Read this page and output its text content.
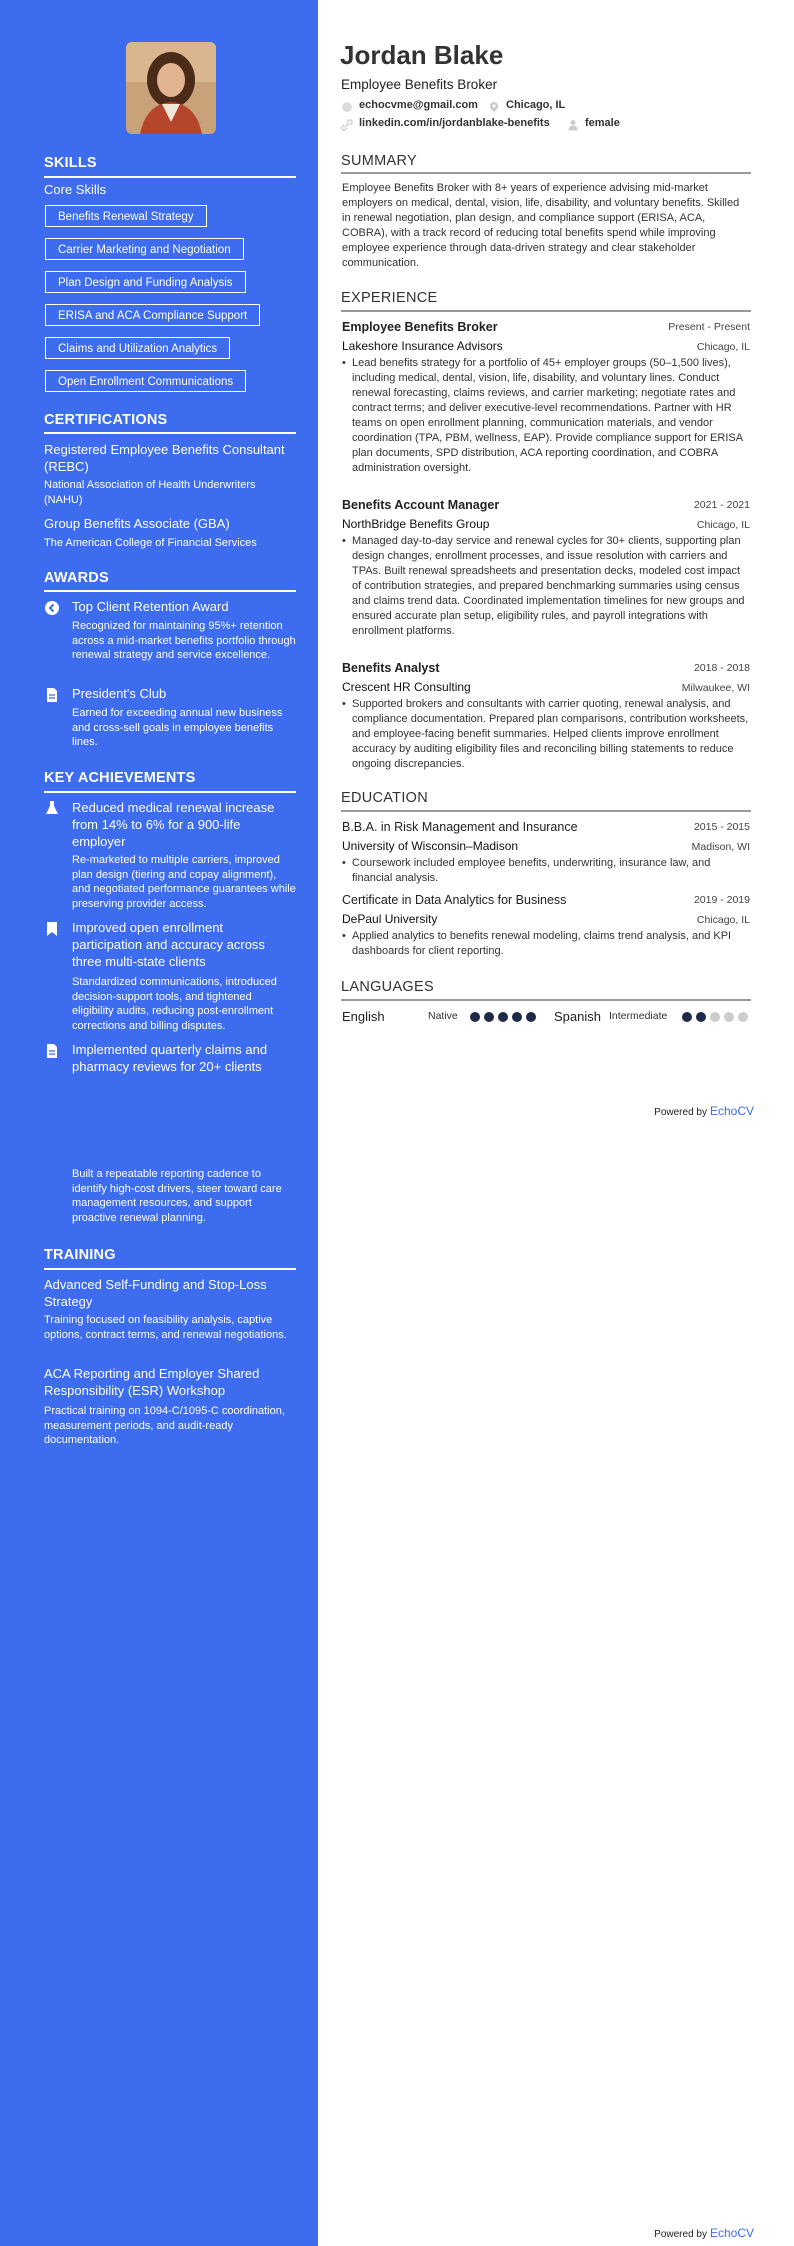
SKILLS
Core Skills
Benefits Renewal Strategy
Carrier Marketing and Negotiation
Plan Design and Funding Analysis
ERISA and ACA Compliance Support
Claims and Utilization Analytics
Open Enrollment Communications
CERTIFICATIONS
Registered Employee Benefits Consultant (REBC)
National Association of Health Underwriters (NAHU)
Group Benefits Associate (GBA)
The American College of Financial Services
AWARDS
Top Client Retention Award
Recognized for maintaining 95%+ retention across a mid-market benefits portfolio through renewal strategy and service excellence.
President's Club
Earned for exceeding annual new business and cross-sell goals in employee benefits lines.
KEY ACHIEVEMENTS
Reduced medical renewal increase from 14% to 6% for a 900-life employer
Re-marketed to multiple carriers, improved plan design (tiering and copay alignment), and negotiated performance guarantees while preserving provider access.
Improved open enrollment participation and accuracy across three multi-state clients
Standardized communications, introduced decision-support tools, and tightened eligibility audits, reducing post-enrollment corrections and billing disputes.
Implemented quarterly claims and pharmacy reviews for 20+ clients
Built a repeatable reporting cadence to identify high-cost drivers, steer toward care management resources, and support proactive renewal planning.
TRAINING
Advanced Self-Funding and Stop-Loss Strategy
Training focused on feasibility analysis, captive options, contract terms, and renewal negotiations.
ACA Reporting and Employer Shared Responsibility (ESR) Workshop
Practical training on 1094-C/1095-C coordination, measurement periods, and audit-ready documentation.
Jordan Blake
Employee Benefits Broker
echocvme@gmail.com	Chicago, IL
linkedin.com/in/jordanblake-benefits	female
SUMMARY
Employee Benefits Broker with 8+ years of experience advising mid-market employers on medical, dental, vision, life, disability, and voluntary benefits. Skilled in renewal negotiation, plan design, and compliance support (ERISA, ACA, COBRA), with a track record of reducing total benefits spend while improving employee experience through data-driven strategy and clear stakeholder communication.
EXPERIENCE
Employee Benefits Broker	Present - Present
Lakeshore Insurance Advisors	Chicago, IL
• Lead benefits strategy for a portfolio of 45+ employer groups (50–1,500 lives), including medical, dental, vision, life, disability, and voluntary lines. Conduct renewal forecasting, claims reviews, and carrier marketing; negotiate rates and contract terms; and deliver executive-level recommendations. Partner with HR teams on open enrollment planning, communication materials, and vendor coordination (TPA, PBM, wellness, EAP). Provide compliance support for ERISA plan documents, SPD distribution, ACA reporting coordination, and COBRA administration oversight.
Benefits Account Manager	2021 - 2021
NorthBridge Benefits Group	Chicago, IL
• Managed day-to-day service and renewal cycles for 30+ clients, supporting plan design changes, enrollment processes, and issue resolution with carriers and TPAs. Built renewal spreadsheets and presentation decks, modeled cost impact of contribution strategies, and prepared benchmarking summaries using census and claims trend data. Coordinated implementation timelines for new groups and ensured accurate plan setup, eligibility rules, and payroll integrations with enrollment platforms.
Benefits Analyst	2018 - 2018
Crescent HR Consulting	Milwaukee, WI
• Supported brokers and consultants with carrier quoting, renewal analysis, and compliance documentation. Prepared plan comparisons, contribution worksheets, and employee-facing benefit summaries. Helped clients improve enrollment accuracy by auditing eligibility files and reconciling billing statements to reduce ongoing discrepancies.
EDUCATION
B.B.A. in Risk Management and Insurance	2015 - 2015
University of Wisconsin–Madison	Madison, WI
• Coursework included employee benefits, underwriting, insurance law, and financial analysis.
Certificate in Data Analytics for Business	2019 - 2019
DePaul University	Chicago, IL
• Applied analytics to benefits renewal modeling, claims trend analysis, and KPI dashboards for client reporting.
LANGUAGES
English	Native	Spanish Intermediate
Powered by EchoCV
Powered by EchoCV
